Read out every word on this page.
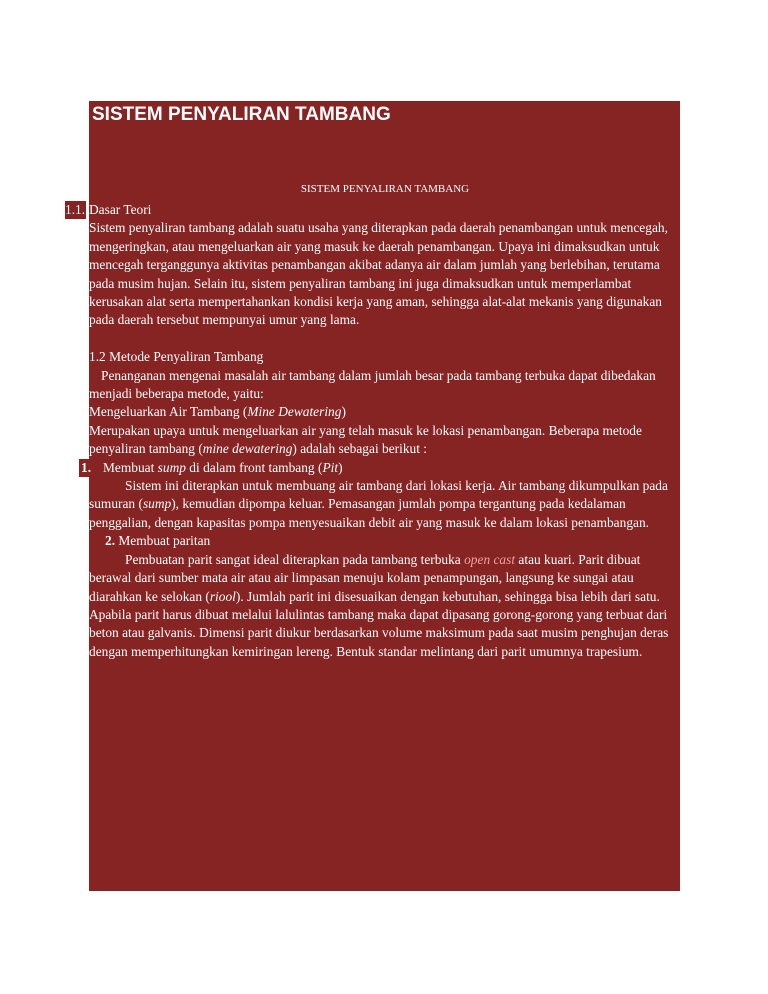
SISTEM PENYALIRAN TAMBANG
SISTEM PENYALIRAN TAMBANG
1.1. Dasar Teori

Sistem penyaliran tambang adalah suatu usaha yang diterapkan pada daerah penambangan untuk mencegah, mengeringkan, atau mengeluarkan air yang masuk ke daerah penambangan. Upaya ini dimaksudkan untuk mencegah terganggunya aktivitas penambangan akibat adanya air dalam jumlah yang berlebihan, terutama pada musim hujan. Selain itu, sistem penyaliran tambang ini juga dimaksudkan untuk memperlambat kerusakan alat serta mempertahankan kondisi kerja yang aman, sehingga alat-alat mekanis yang digunakan pada daerah tersebut mempunyai umur yang lama.

1.2 Metode Penyaliran Tambang

Penanganan mengenai masalah air tambang dalam jumlah besar pada tambang terbuka dapat dibedakan menjadi beberapa metode, yaitu:

Mengeluarkan Air Tambang (Mine Dewatering)

Merupakan upaya untuk mengeluarkan air yang telah masuk ke lokasi penambangan. Beberapa metode penyaliran tambang (mine dewatering) adalah sebagai berikut :

1. Membuat sump di dalam front tambang (Pit)

Sistem ini diterapkan untuk membuang air tambang dari lokasi kerja. Air tambang dikumpulkan pada sumuran (sump), kemudian dipompa keluar. Pemasangan jumlah pompa tergantung pada kedalaman penggalian, dengan kapasitas pompa menyesuaikan debit air yang masuk ke dalam lokasi penambangan.

2. Membuat paritan

Pembuatan parit sangat ideal diterapkan pada tambang terbuka open cast atau kuari. Parit dibuat berawal dari sumber mata air atau air limpasan menuju kolam penampungan, langsung ke sungai atau diarahkan ke selokan (riool). Jumlah parit ini disesuaikan dengan kebutuhan, sehingga bisa lebih dari satu. Apabila parit harus dibuat melalui lalulintas tambang maka dapat dipasang gorong-gorong yang terbuat dari beton atau galvanis. Dimensi parit diukur berdasarkan volume maksimum pada saat musim penghujan deras dengan memperhitungkan kemiringan lereng. Bentuk standar melintang dari parit umumnya trapesium.
